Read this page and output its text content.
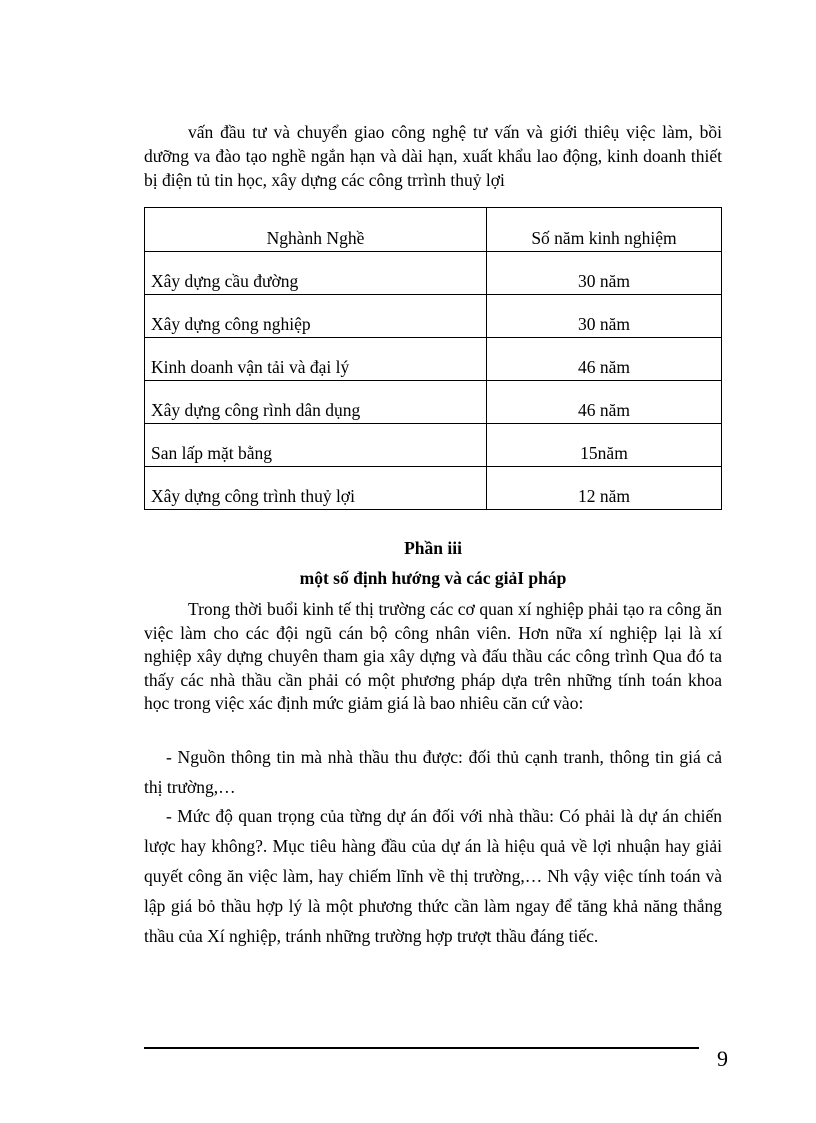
vấn đầu tư và chuyển giao công nghệ tư vấn và giới thiêụ việc làm, bồi dưỡng va đào tạo nghề ngắn hạn và dài hạn, xuất khẩu lao động, kinh doanh thiết bị điện tủ tin học, xây dựng các công trrình thuỷ lợi

Nghành Nghề	Số năm kinh nghiệm
Xây dựng cầu đường	30 năm
Xây dựng công nghiệp	30 năm
Kinh doanh vận tải và đại lý	46 năm
Xây dựng công rình dân dụng	46 năm
San lấp mặt bằng	15năm
Xây dựng công trình thuỷ lợi	12 năm
Phần iii
một số định hướng và các giảI pháp

Trong thời buổi kinh tế thị trường các cơ quan xí nghiệp phải tạo ra công ăn việc làm cho các đội ngũ cán bộ công nhân viên. Hơn nữa xí nghiệp lại là xí nghiệp xây dựng chuyên tham gia xây dựng và đấu thầu các công trình Qua đó ta thấy các nhà thầu cần phải có một phương pháp dựa trên những tính toán khoa học trong việc xác định mức giảm giá là bao nhiêu căn cứ vào:

- Nguồn thông tin mà nhà thầu thu được: đối thủ cạnh tranh, thông tin giá cả thị trường,…

- Mức độ quan trọng của từng dự án đối với nhà thầu: Có phải là dự án chiến lược hay không?. Mục tiêu hàng đầu của dự án là hiệu quả về lợi nhuận hay giải quyết công ăn việc làm, hay chiếm lĩnh về thị trường,… Nh vậy việc tính toán và lập giá bỏ thầu hợp lý là một phương thức cần làm ngay để tăng khả năng thắng thầu của Xí nghiệp, tránh những trường hợp trượt thầu đáng tiếc.

9
